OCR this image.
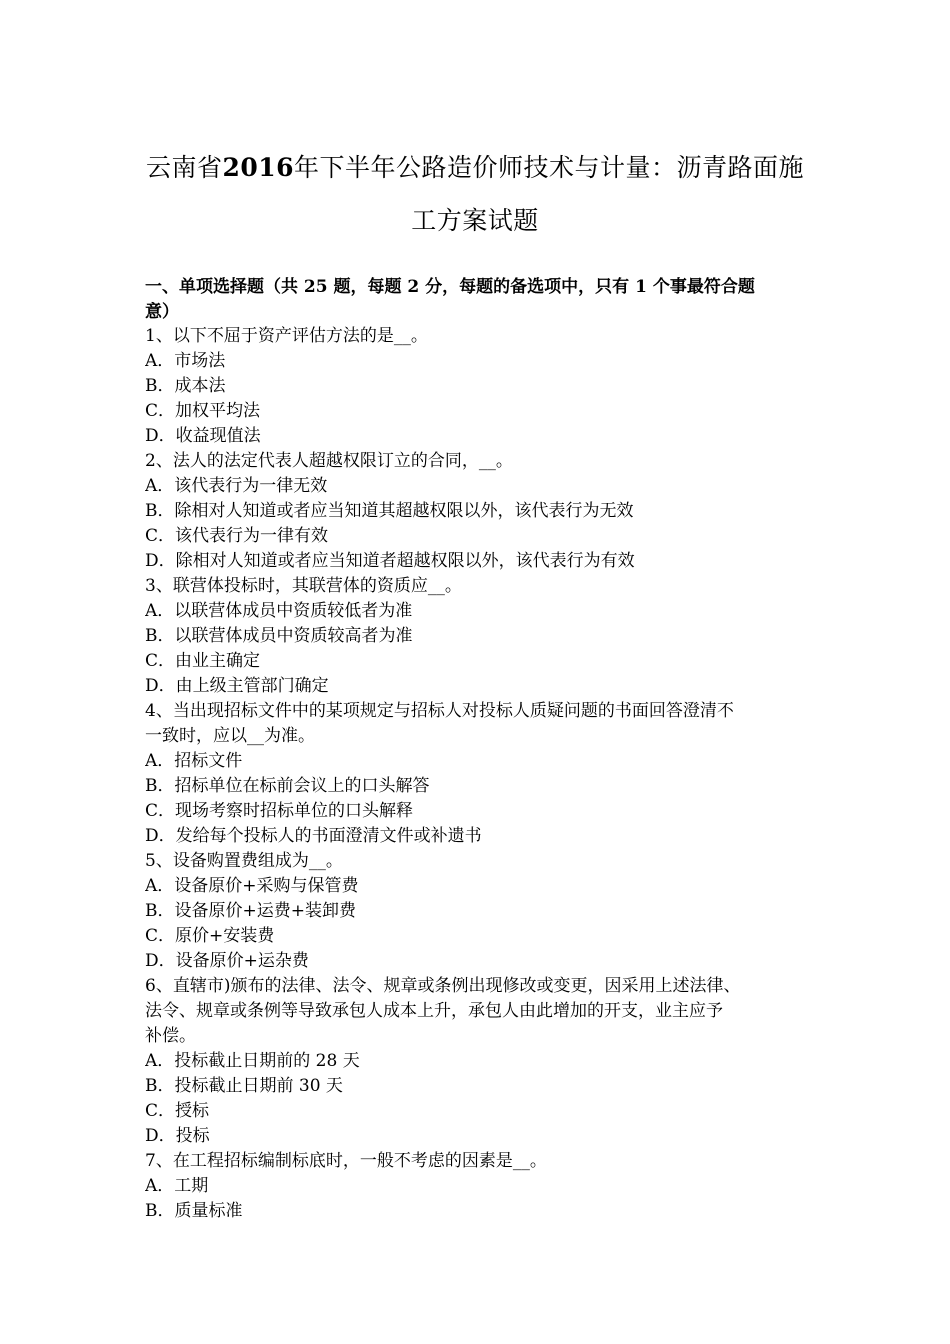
云南省2016年下半年公路造价师技术与计量：沥青路面施
工方案试题
一、单项选择题（共 25 题，每题 2 分，每题的备选项中，只有 1 个事最符合题
意）
1、以下不屈于资产评估方法的是__。
A．市场法
B．成本法
C．加权平均法
D．收益现值法
2、法人的法定代表人超越权限订立的合同，__。
A．该代表行为一律无效
B．除相对人知道或者应当知道其超越权限以外，该代表行为无效
C．该代表行为一律有效
D．除相对人知道或者应当知道者超越权限以外，该代表行为有效
3、联营体投标时，其联营体的资质应__。
A．以联营体成员中资质较低者为准
B．以联营体成员中资质较高者为准
C．由业主确定
D．由上级主管部门确定
4、当出现招标文件中的某项规定与招标人对投标人质疑问题的书面回答澄清不
一致时，应以__为准。
A．招标文件
B．招标单位在标前会议上的口头解答
C．现场考察时招标单位的口头解释
D．发给每个投标人的书面澄清文件或补遗书
5、设备购置费组成为__。
A．设备原价+采购与保管费
B．设备原价+运费+装卸费
C．原价+安装费
D．设备原价+运杂费
6、直辖市)颁布的法律、法令、规章或条例出现修改或变更，因采用上述法律、
法令、规章或条例等导致承包人成本上升，承包人由此增加的开支，业主应予
补偿。
A．投标截止日期前的 28 天
B．投标截止日期前 30 天
C．授标
D．投标
7、在工程招标编制标底时，一般不考虑的因素是__。
A．工期
B．质量标准
